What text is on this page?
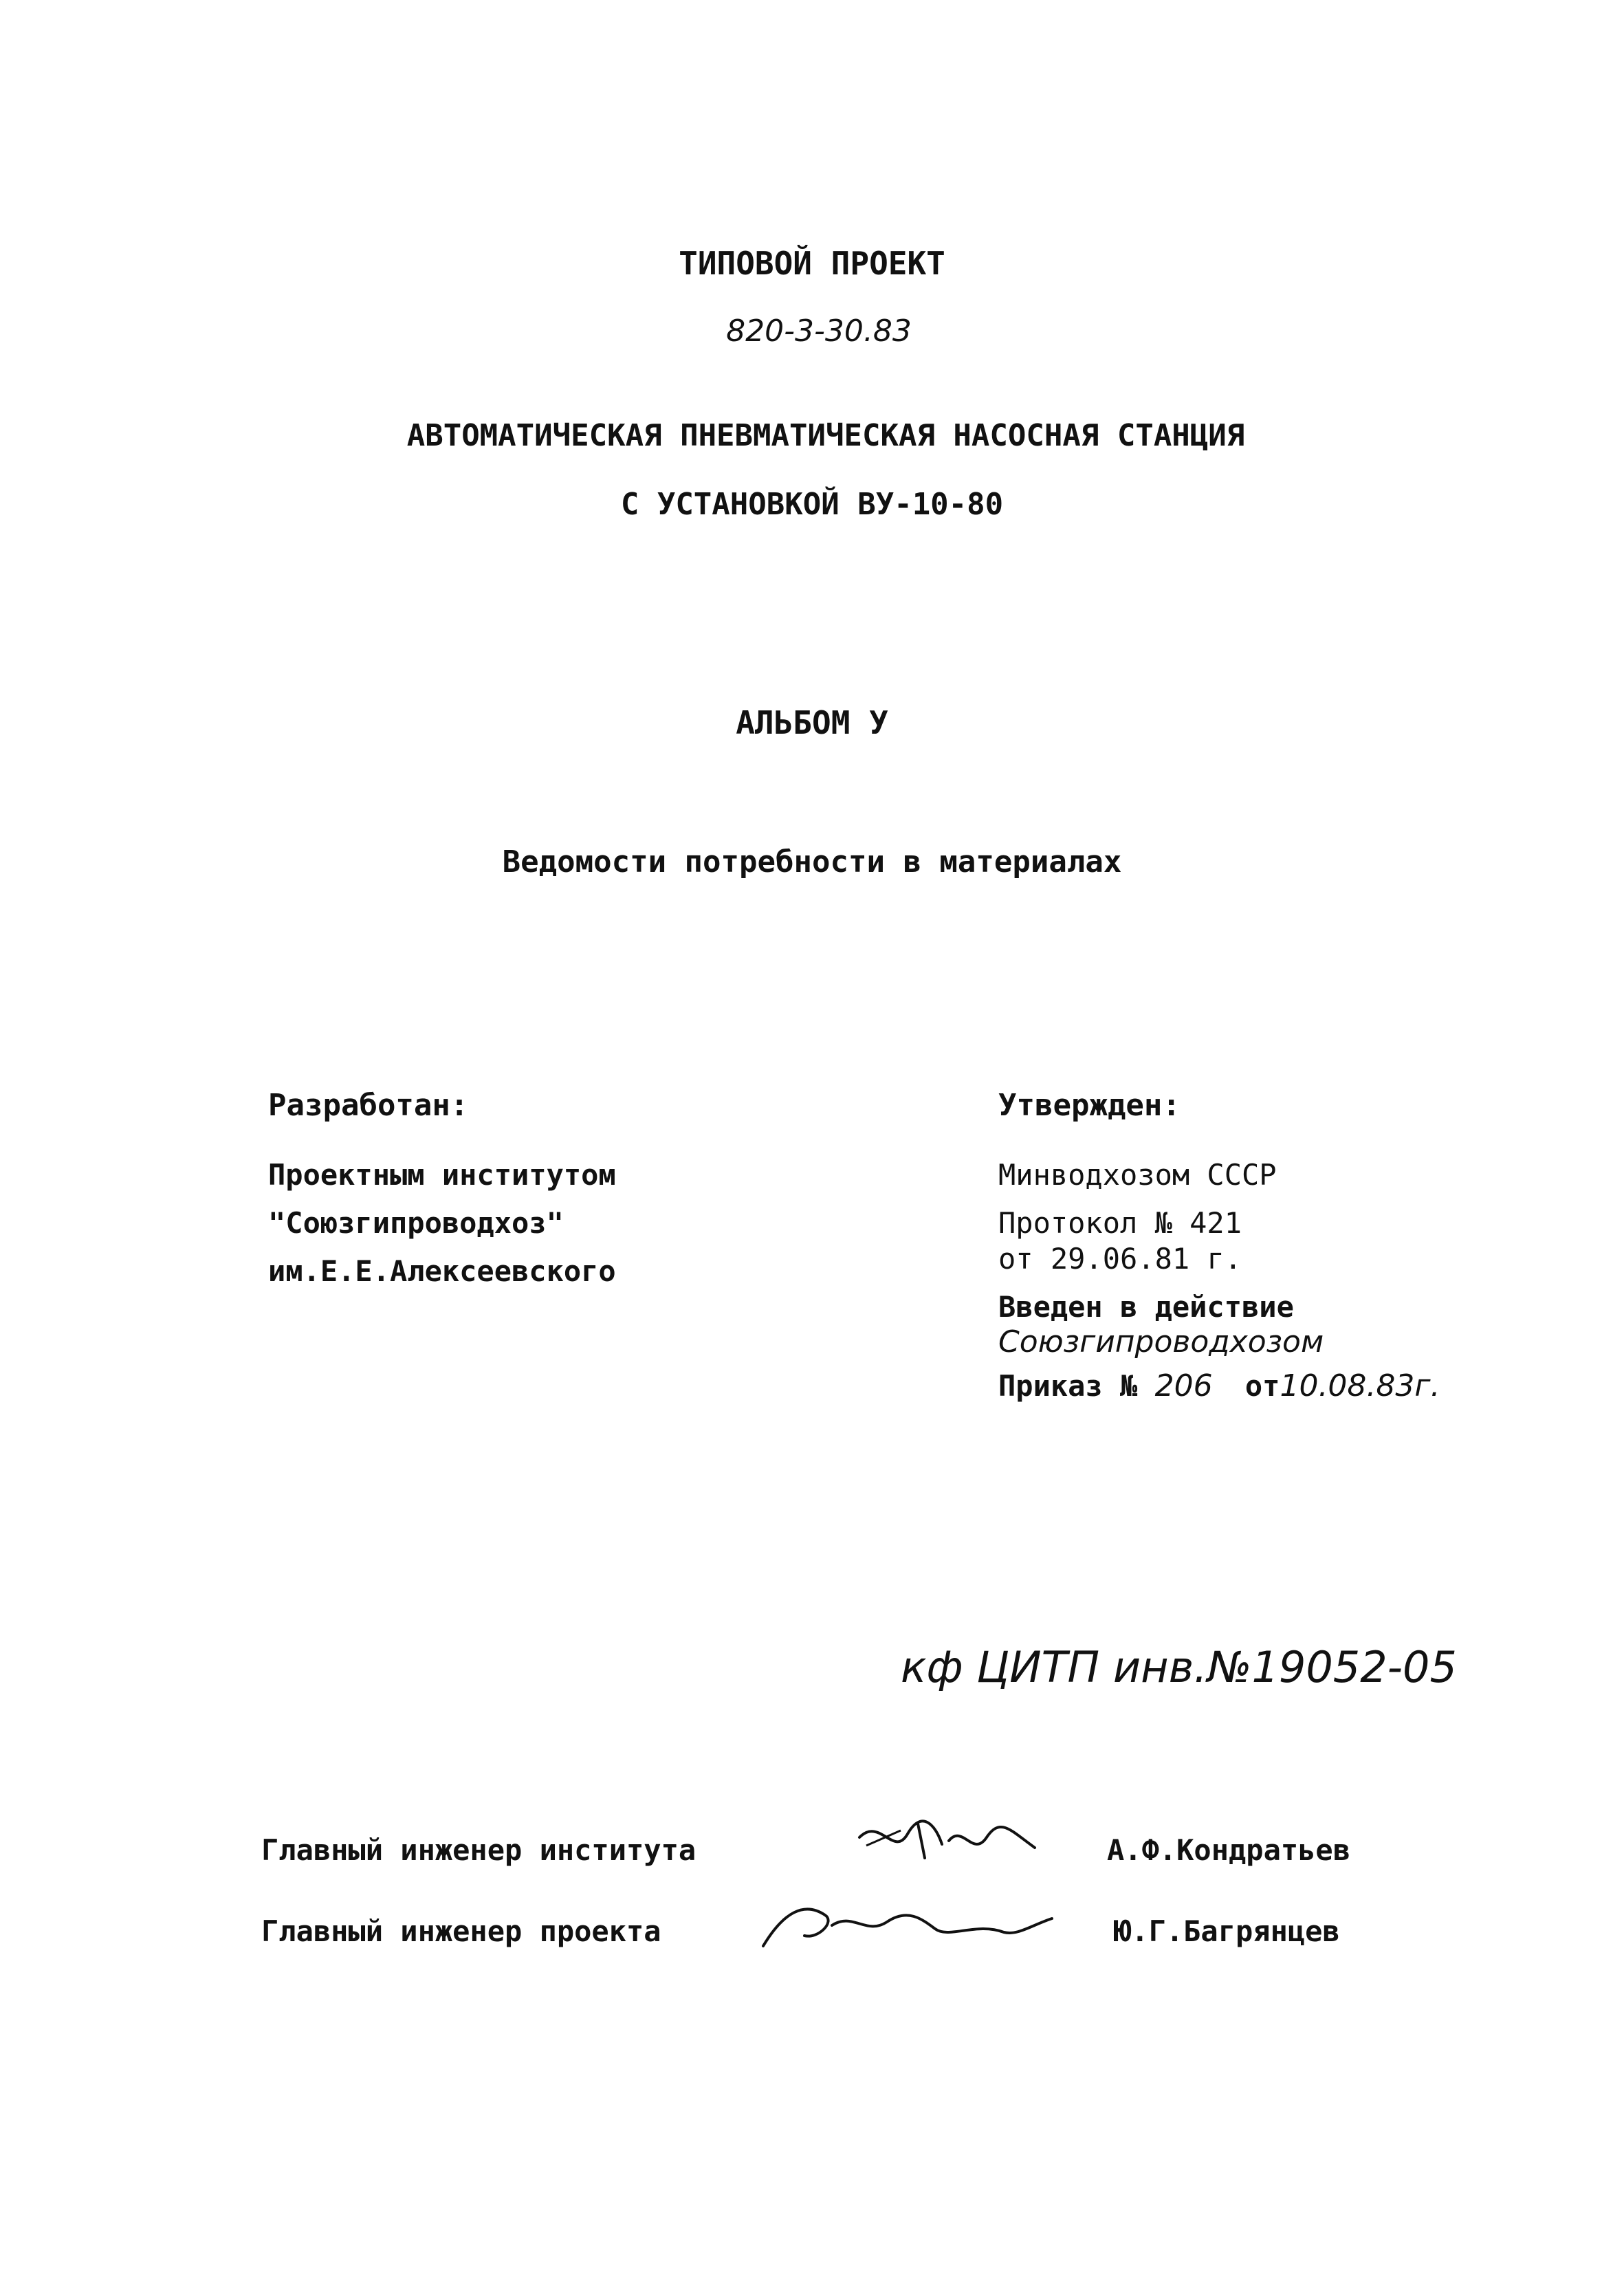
ТИПОВОЙ ПРОЕКТ
820-3-30.83
АВТОМАТИЧЕСКАЯ ПНЕВМАТИЧЕСКАЯ НАСОСНАЯ СТАНЦИЯ
С УСТАНОВКОЙ ВУ-10-80
АЛЬБОМ У
Ведомости потребности в материалах
Разработан:
Проектным институтом
"Союзгипроводхоз"
им.Е.Е.Алексеевского
Утвержден:
Минводхозом СССР
Протокол № 421
от 29.06.81 г.
Введен в действие
Союзгипроводхозом
Приказ № 206 от10.08.83г.
кф ЦИТП инв.№19052-05
Главный инженер института	А.Ф.Кондратьев
Главный инженер проекта	Ю.Г.Багрянцев
